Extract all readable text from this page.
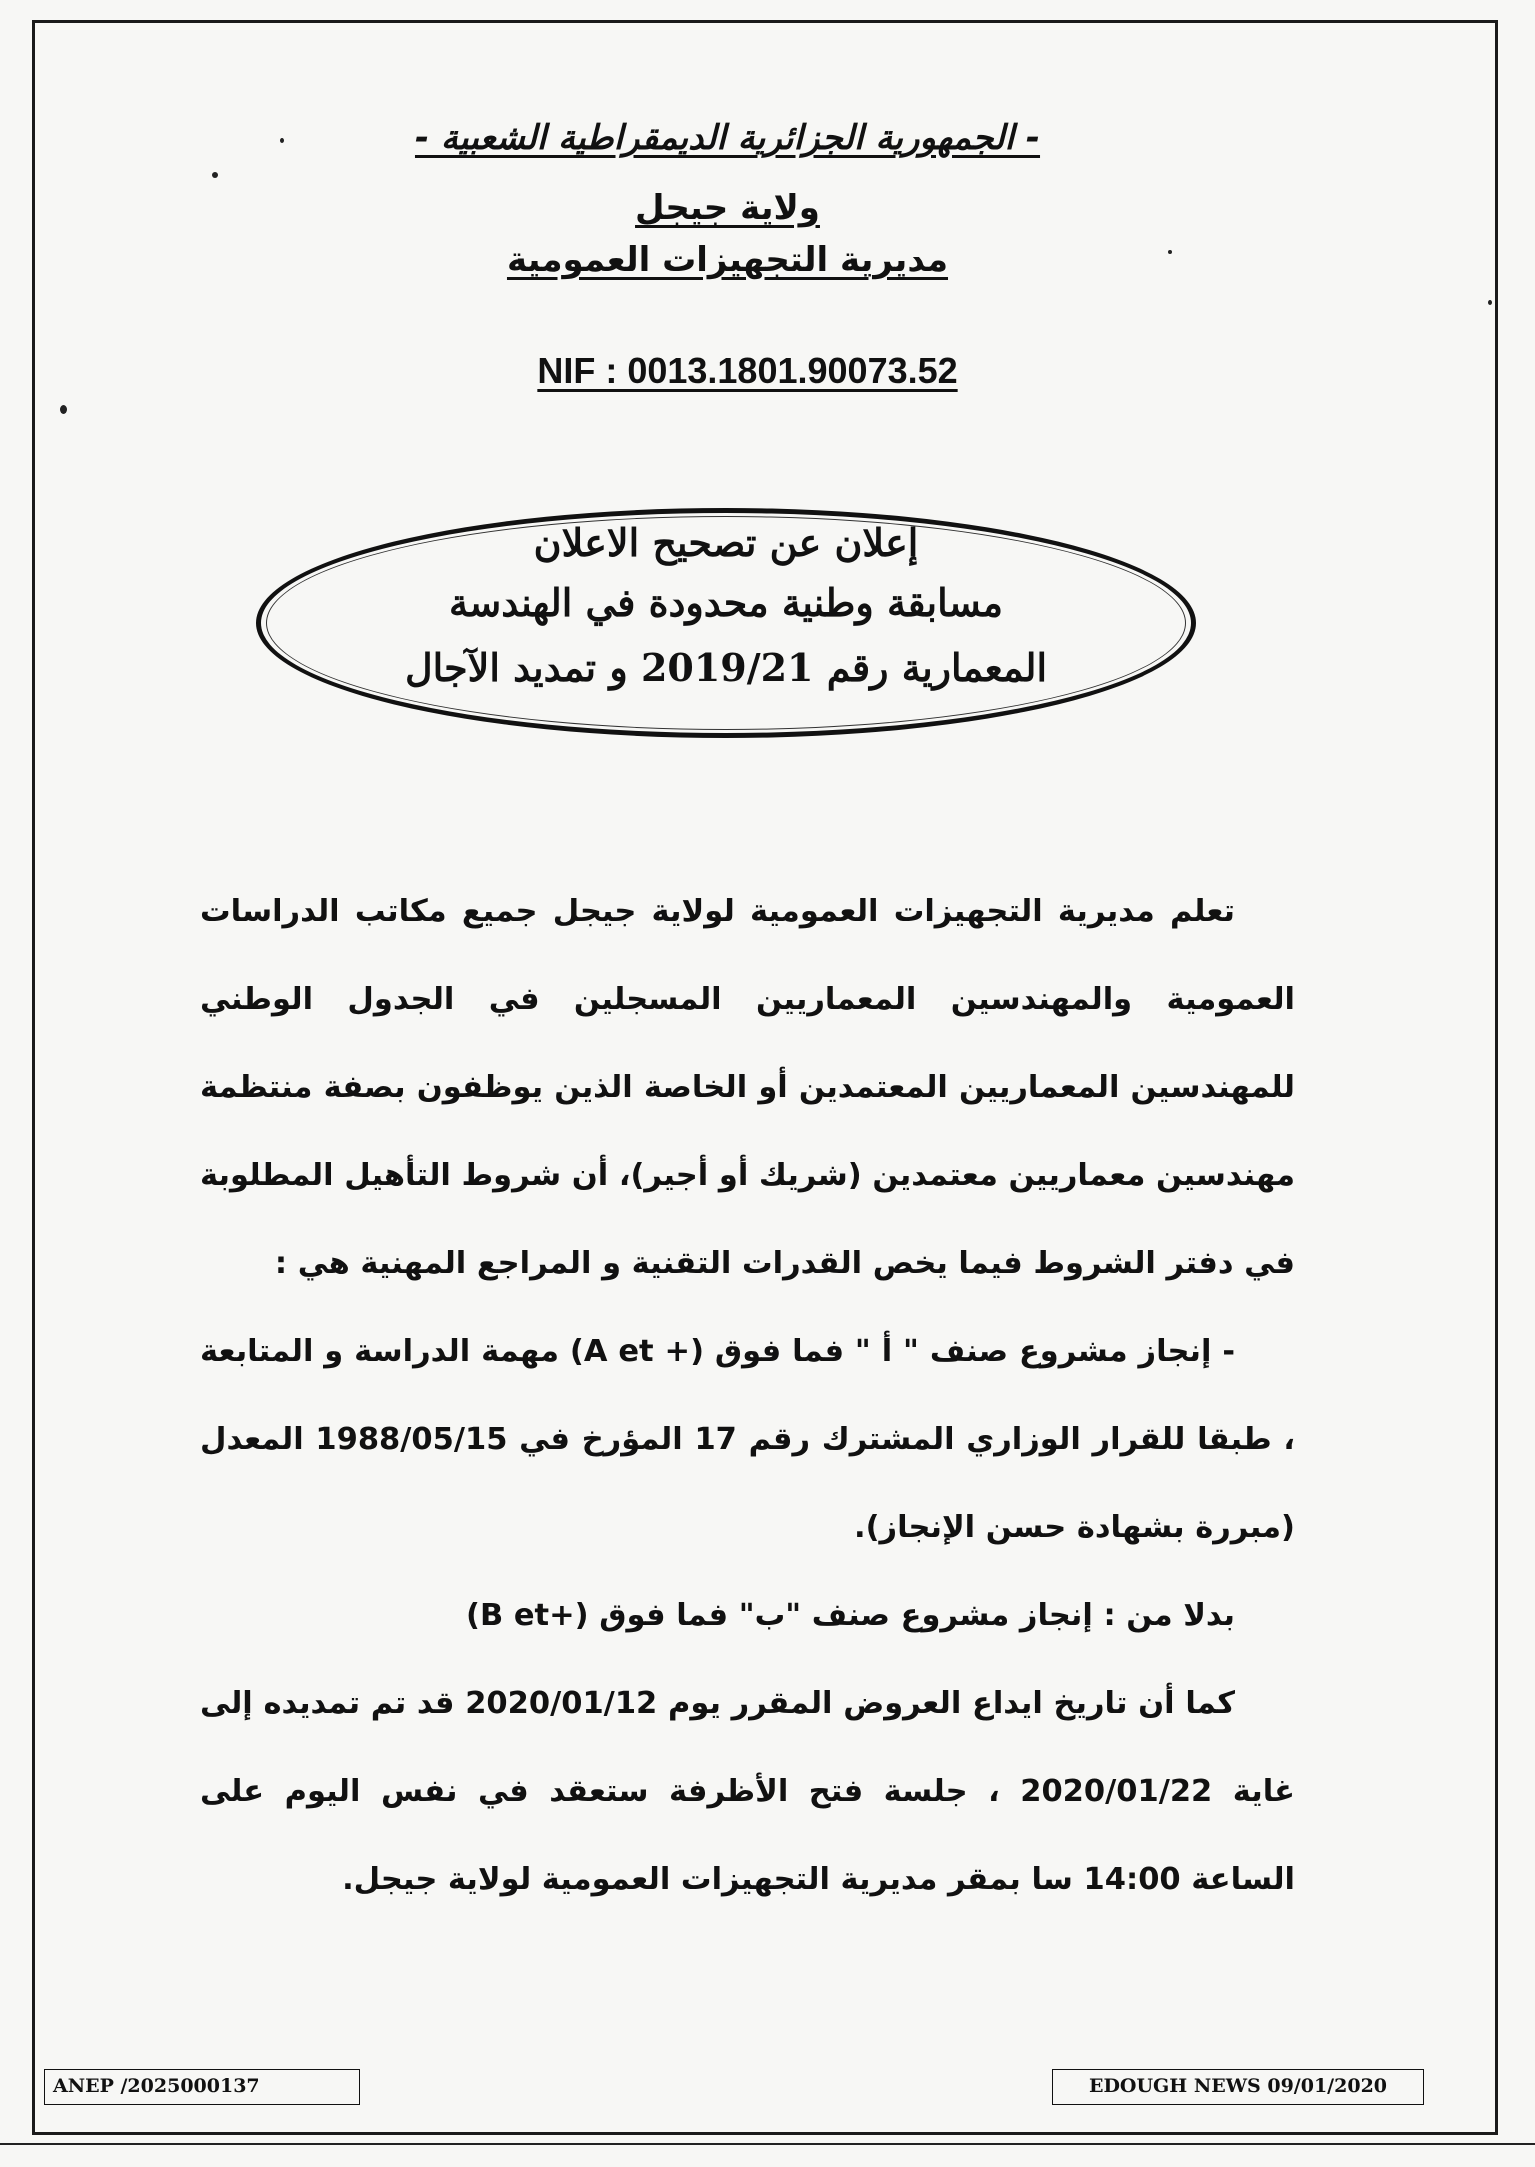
- الجمهورية الجزائرية الديمقراطية الشعبية -
ولاية جيجل
مديرية التجهيزات العمومية
NIF : 0013.1801.90073.52
إعلان عن تصحيح الاعلان
مسابقة وطنية محدودة في الهندسة
المعمارية رقم 2019/21 و تمديد الآجال

تعلم مديرية التجهيزات العمومية لولاية جيجل جميع مكاتب الدراسات العمومية والمهندسين المعماريين المسجلين في الجدول الوطني للمهندسين المعماريين المعتمدين أو الخاصة الذين يوظفون بصفة منتظمة مهندسين معماريين معتمدين (شريك أو أجير)، أن شروط التأهيل المطلوبة في دفتر الشروط فيما يخص القدرات التقنية و المراجع المهنية هي :

- إنجاز مشروع صنف " أ " فما فوق (+ A et) مهمة الدراسة و المتابعة ، طبقا للقرار الوزاري المشترك رقم 17 المؤرخ في 1988/05/15 المعدل (مبررة بشهادة حسن الإنجاز).

بدلا من : إنجاز مشروع صنف "ب" فما فوق (+B et)

كما أن تاريخ ايداع العروض المقرر يوم 2020/01/12 قد تم تمديده إلى غاية 2020/01/22 ، جلسة فتح الأظرفة ستعقد في نفس اليوم على الساعة 14:00 سا بمقر مديرية التجهيزات العمومية لولاية جيجل.

ANEP /2025000137	EDOUGH NEWS 09/01/2020
